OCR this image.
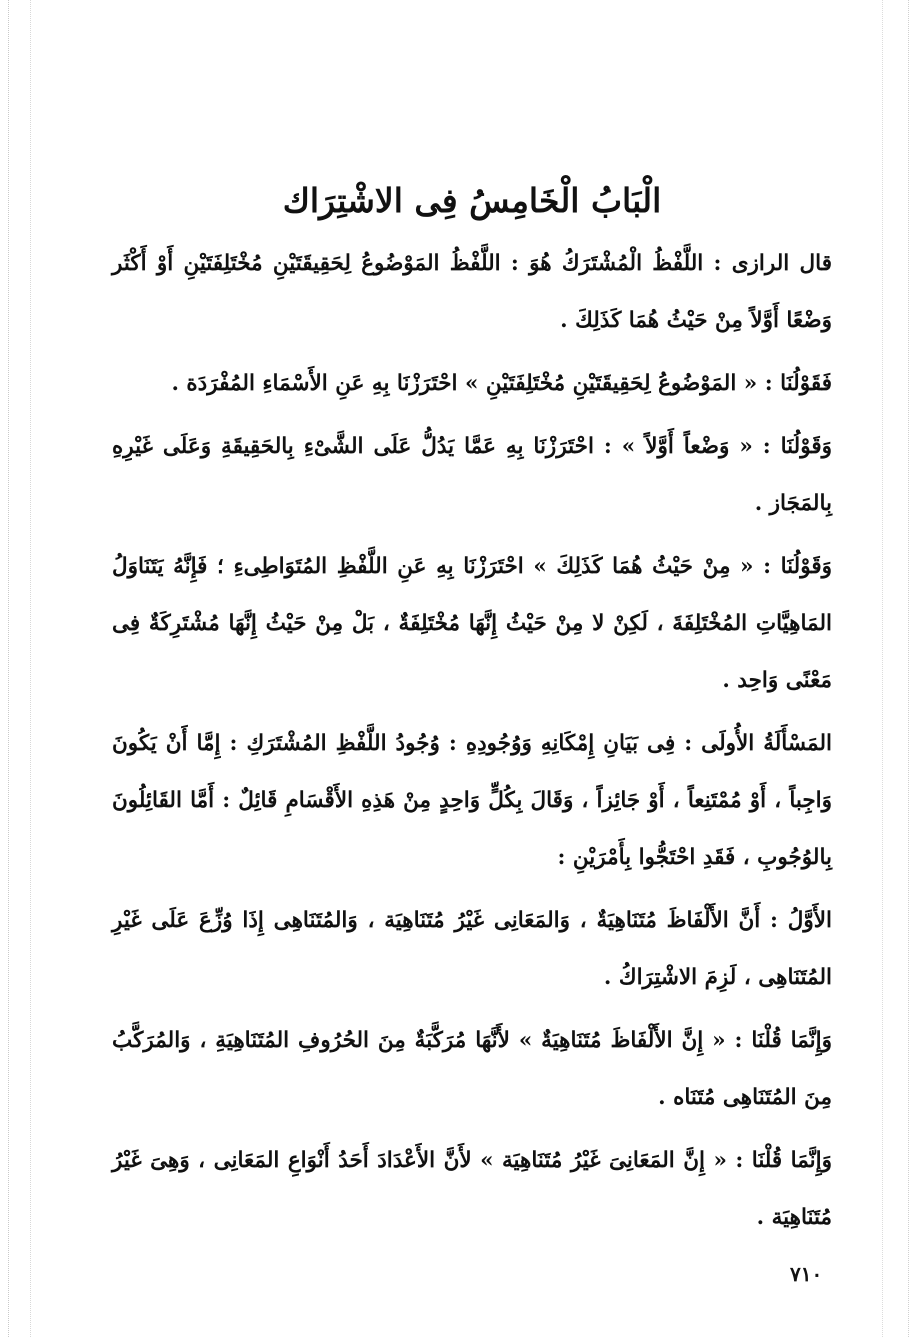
الْبَابُ الْخَامِسُ فِى الاشْتِرَاك

قال الرازى : اللَّفْظُ الْمُشْتَرَكُ هُوَ : اللَّفْظُ المَوْضُوعُ لِحَقِيقَتَيْنِ مُخْتَلِفَتَيْنِ أَوْ أَكْثَر وَضْعًا أَوَّلاً مِنْ حَيْثُ هُمَا كَذَلِكَ .

فَقَوْلُنَا : « المَوْضُوعُ لِحَقِيقَتَيْنِ مُخْتَلِفَتَيْنِ » احْتَرَزْنَا بِهِ عَنِ الأَسْمَاءِ المُفْرَدَة .

وَقَوْلُنَا : « وَضْعاً أَوَّلاً » : احْتَرَزْنَا بِهِ عَمَّا يَدُلُّ عَلَى الشَّىْءِ بِالحَقِيقَةِ وَعَلَى غَيْرِهِ بِالمَجَاز .

وَقَوْلُنَا : « مِنْ حَيْثُ هُمَا كَذَلِكَ » احْتَرَزْنَا بِهِ عَنِ اللَّفْظِ المُتَوَاطِىءِ ؛ فَإِنَّهُ يَتَنَاوَلُ المَاهِيَّاتِ المُخْتَلِفَةَ ، لَكِنْ لا مِنْ حَيْثُ إِنَّهَا مُخْتَلِفَةٌ ، بَلْ مِنْ حَيْثُ إِنَّهَا مُشْتَرِكَةٌ فِى مَعْنًى وَاحِد .

المَسْأَلَةُ الأُولَى : فِى بَيَانِ إِمْكَانِهِ وَوُجُودِهِ : وُجُودُ اللَّفْظِ المُشْتَرَكِ : إِمَّا أَنْ يَكُونَ وَاجِباً ، أَوْ مُمْتَنِعاً ، أَوْ جَائِزاً ، وَقَالَ بِكُلٍّ وَاحِدٍ مِنْ هَذِهِ الأَقْسَامِ قَائِلٌ : أَمَّا القَائِلُونَ بِالوُجُوبِ ، فَقَدِ احْتَجُّوا بِأَمْرَيْنِ :

الأَوَّلُ : أَنَّ الأَلْفَاظَ مُتَنَاهِيَةٌ ، وَالمَعَانِى غَيْرُ مُتَنَاهِيَة ، وَالمُتَنَاهِى إِذَا وُزِّعَ عَلَى غَيْرِ المُتَنَاهِى ، لَزِمَ الاشْتِرَاكُ .

وَإِنَّمَا قُلْنَا : « إِنَّ الأَلْفَاظَ مُتَنَاهِيَةٌ » لأَنَّهَا مُرَكَّبَةٌ مِنَ الحُرُوفِ المُتَنَاهِيَةِ ، وَالمُرَكَّبُ مِنَ المُتَنَاهِى مُتَنَاه .

وَإِنَّمَا قُلْنَا : « إِنَّ المَعَانِىَ غَيْرُ مُتَنَاهِيَة » لأَنَّ الأَعْدَادَ أَحَدُ أَنْوَاعِ المَعَانِى ، وَهِىَ غَيْرُ مُتَنَاهِيَة .

٧١٠
